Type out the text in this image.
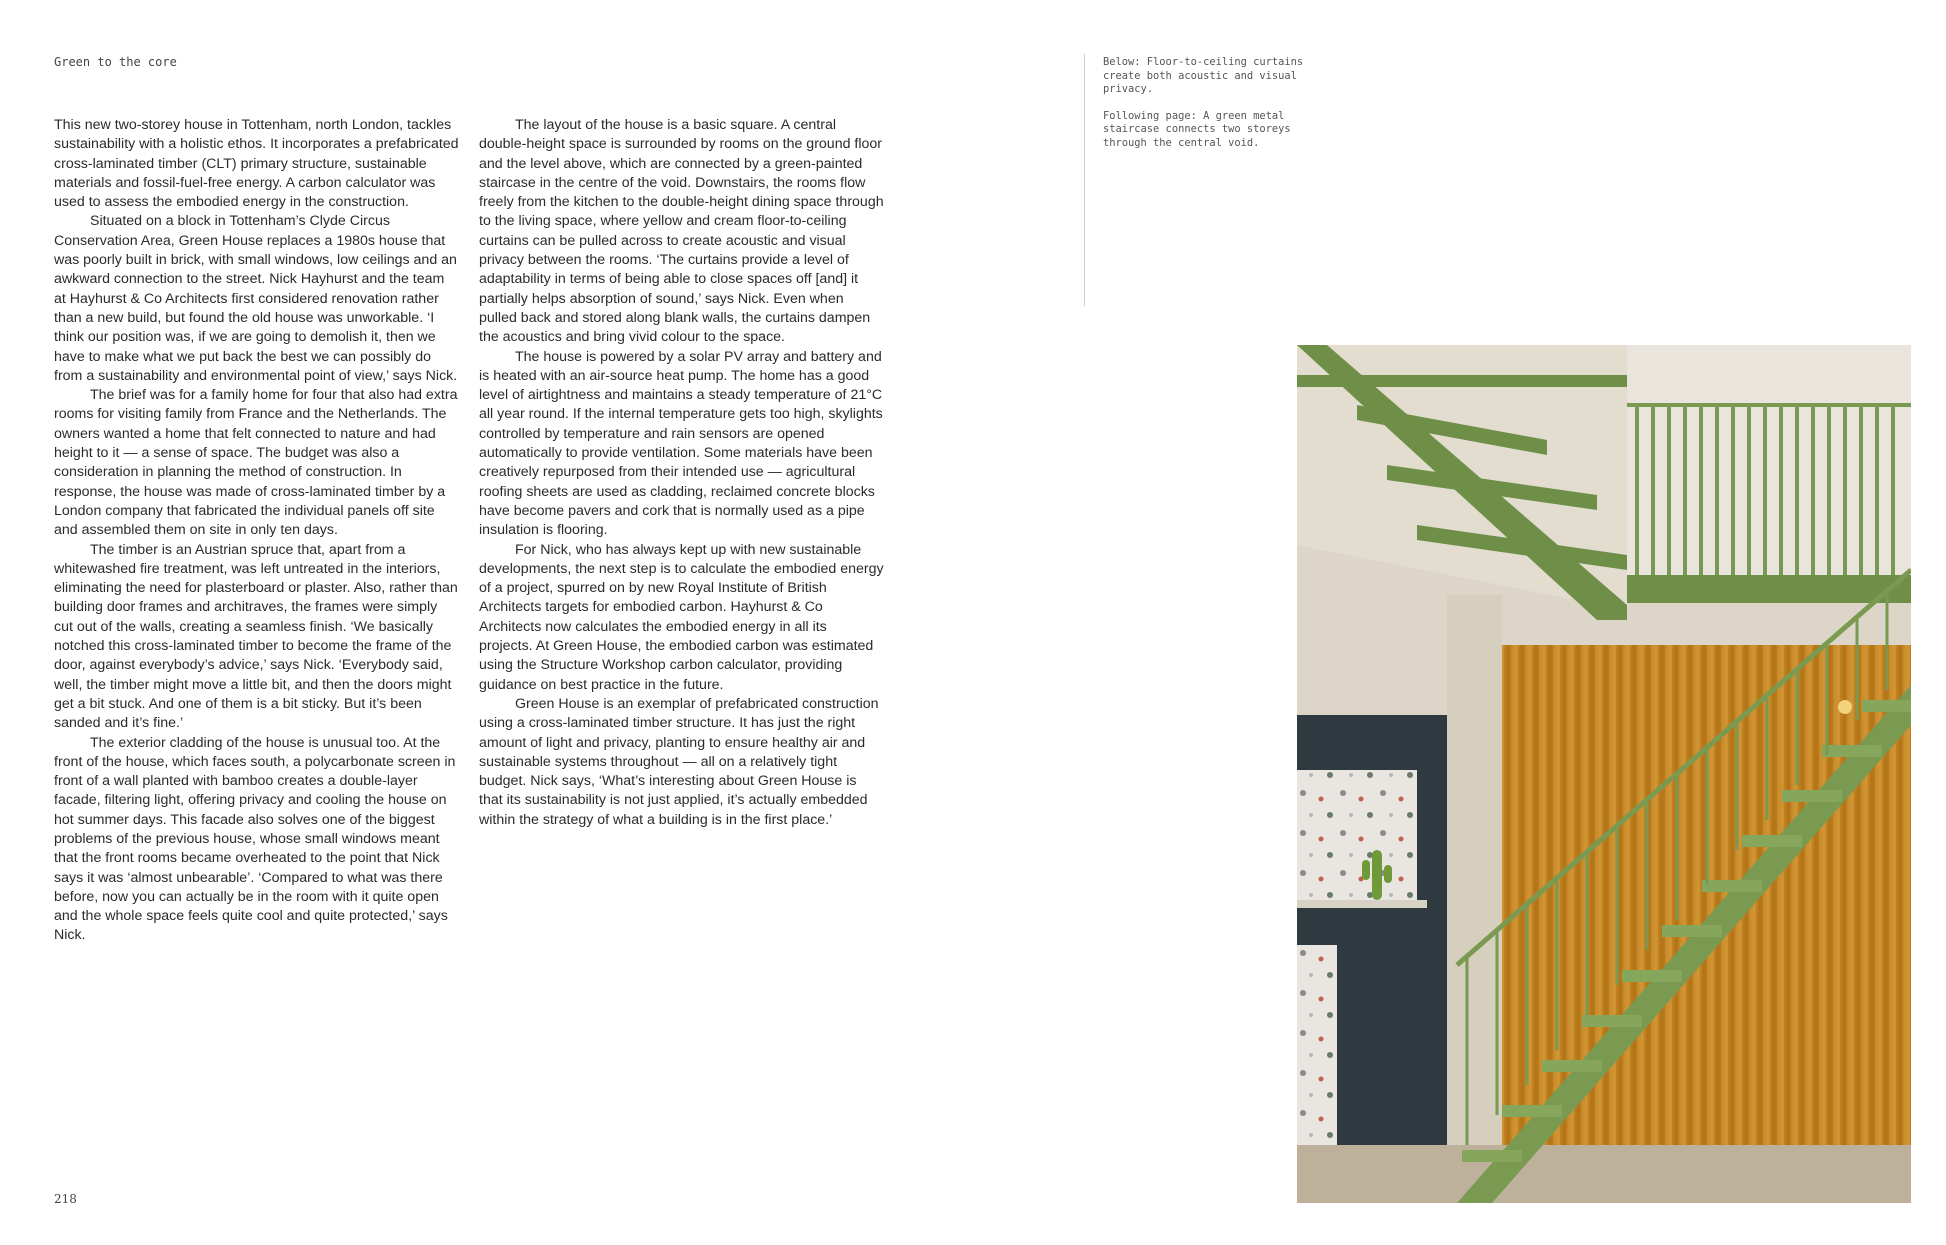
Green to the core

This new two-storey house in Tottenham, north London, tackles sustainability with a holistic ethos. It incorporates a prefabricated cross-laminated timber (CLT) primary structure, sustainable materials and fossil-fuel-free energy. A carbon calculator was used to assess the embodied energy in the construction.

Situated on a block in Tottenham’s Clyde Circus Conservation Area, Green House replaces a 1980s house that was poorly built in brick, with small windows, low ceilings and an awkward connection to the street. Nick Hayhurst and the team at Hayhurst & Co Architects first considered renovation rather than a new build, but found the old house was unworkable. ‘I think our position was, if we are going to demolish it, then we have to make what we put back the best we can possibly do from a sustainability and environmental point of view,’ says Nick.

The brief was for a family home for four that also had extra rooms for visiting family from France and the Netherlands. The owners wanted a home that felt connected to nature and had height to it — a sense of space. The budget was also a consideration in planning the method of construction. In response, the house was made of cross-laminated timber by a London company that fabricated the individual panels off site and assembled them on site in only ten days.

The timber is an Austrian spruce that, apart from a whitewashed fire treatment, was left untreated in the interiors, eliminating the need for plasterboard or plaster. Also, rather than building door frames and architraves, the frames were simply cut out of the walls, creating a seamless finish. ‘We basically notched this cross-laminated timber to become the frame of the door, against everybody’s advice,’ says Nick. ‘Everybody said, well, the timber might move a little bit, and then the doors might get a bit stuck. And one of them is a bit sticky. But it’s been sanded and it’s fine.’

The exterior cladding of the house is unusual too. At the front of the house, which faces south, a polycarbonate screen in front of a wall planted with bamboo creates a double-layer facade, filtering light, offering privacy and cooling the house on hot summer days. This facade also solves one of the biggest problems of the previous house, whose small windows meant that the front rooms became overheated to the point that Nick says it was ‘almost unbearable’. ‘Compared to what was there before, now you can actually be in the room with it quite open and the whole space feels quite cool and quite protected,’ says Nick.

The layout of the house is a basic square. A central double-height space is surrounded by rooms on the ground floor and the level above, which are connected by a green-painted staircase in the centre of the void. Downstairs, the rooms flow freely from the kitchen to the double-height dining space through to the living space, where yellow and cream floor-to-ceiling curtains can be pulled across to create acoustic and visual privacy between the rooms. ‘The curtains provide a level of adaptability in terms of being able to close spaces off [and] it partially helps absorption of sound,’ says Nick. Even when pulled back and stored along blank walls, the curtains dampen the acoustics and bring vivid colour to the space.

The house is powered by a solar PV array and battery and is heated with an air-source heat pump. The home has a good level of airtightness and maintains a steady temperature of 21°C all year round. If the internal temperature gets too high, skylights controlled by temperature and rain sensors are opened automatically to provide ventilation. Some materials have been creatively repurposed from their intended use — agricultural roofing sheets are used as cladding, reclaimed concrete blocks have become pavers and cork that is normally used as a pipe insulation is flooring.

For Nick, who has always kept up with new sustainable developments, the next step is to calculate the embodied energy of a project, spurred on by new Royal Institute of British Architects targets for embodied carbon. Hayhurst & Co Architects now calculates the embodied energy in all its projects. At Green House, the embodied carbon was estimated using the Structure Workshop carbon calculator, providing guidance on best practice in the future.

Green House is an exemplar of prefabricated construction using a cross-laminated timber structure. It has just the right amount of light and privacy, planting to ensure healthy air and sustainable systems throughout — all on a relatively tight budget. Nick says, ‘What’s interesting about Green House is that its sustainability is not just applied, it’s actually embedded within the strategy of what a building is in the first place.’

Below: Floor-to-ceiling curtains create both acoustic and visual privacy.

Following page: A green metal staircase connects two storeys through the central void.

218
